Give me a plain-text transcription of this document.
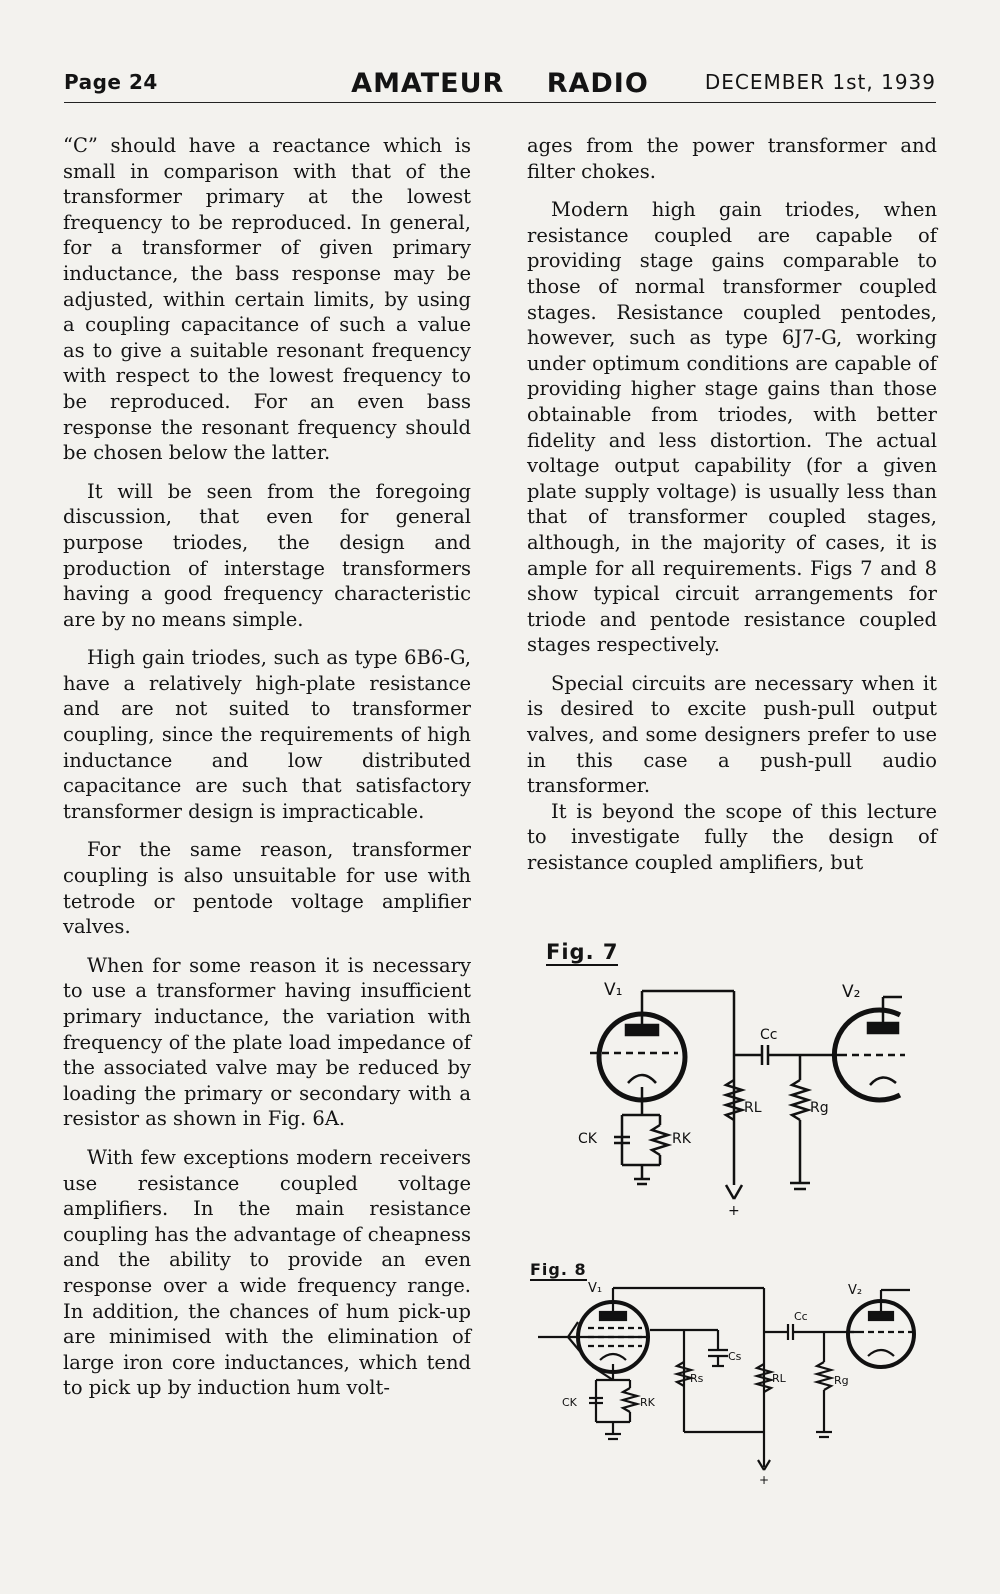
Page 24	AMATEUR RADIO	DECEMBER 1st, 1939

“C” should have a reactance which is small in comparison with that of the transformer primary at the lowest frequency to be reproduced. In general, for a transformer of given primary inductance, the bass response may be adjusted, within certain limits, by using a coupling capacitance of such a value as to give a suitable resonant frequency with respect to the lowest frequency to be reproduced. For an even bass response the resonant frequency should be chosen below the latter.

It will be seen from the foregoing discussion, that even for general purpose triodes, the design and production of interstage transformers having a good frequency characteristic are by no means simple.

High gain triodes, such as type 6B6-G, have a relatively high-plate resistance and are not suited to transformer coupling, since the requirements of high inductance and low distributed capacitance are such that satisfactory transformer design is impracticable.

For the same reason, transformer coupling is also unsuitable for use with tetrode or pentode voltage amplifier valves.

When for some reason it is necessary to use a transformer having insufficient primary inductance, the variation with frequency of the plate load impedance of the associated valve may be reduced by loading the primary or secondary with a resistor as shown in Fig. 6A.

With few exceptions modern receivers use resistance coupled voltage amplifiers. In the main resistance coupling has the advantage of cheapness and the ability to provide an even response over a wide frequency range. In addition, the chances of hum pick-up are minimised with the elimination of large iron core inductances, which tend to pick up by induction hum volt-

ages from the power transformer and filter chokes.

Modern high gain triodes, when resistance coupled are capable of providing stage gains comparable to those of normal transformer coupled stages. Resistance coupled pentodes, however, such as type 6J7-G, working under optimum conditions are capable of providing higher stage gains than those obtainable from triodes, with better fidelity and less distortion. The actual voltage output capability (for a given plate supply voltage) is usually less than that of transformer coupled stages, although, in the majority of cases, it is ample for all requirements. Figs 7 and 8 show typical circuit arrangements for triode and pentode resistance coupled stages respectively.

Special circuits are necessary when it is desired to excite push-pull output valves, and some designers prefer to use in this case a push-pull audio transformer.

It is beyond the scope of this lecture to investigate fully the design of resistance coupled amplifiers, but

Fig. 7
V₁	V₂
Cc
RL	Rg
CK	RK
+
Fig. 8
V₁	V₂
Cc
Cs
Rs	RL	Rg
CK	RK
+
